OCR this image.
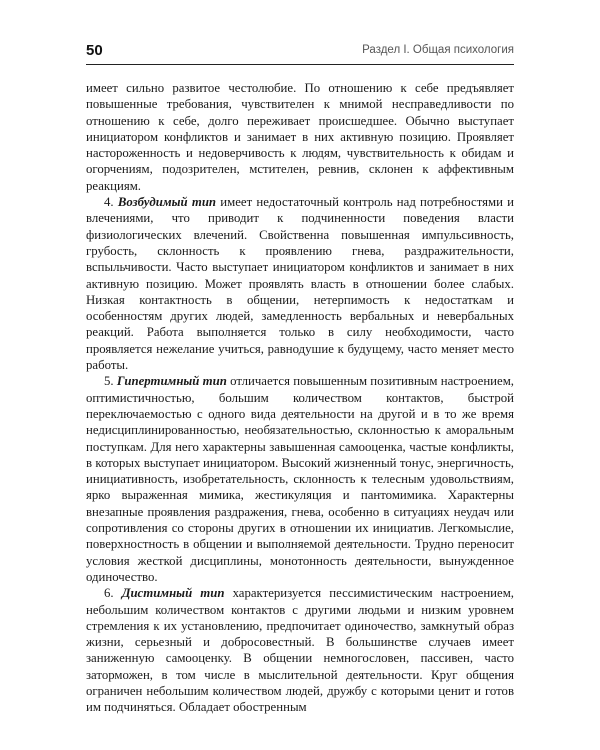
50	Раздел I. Общая психология

имеет сильно развитое честолюбие. По отношению к себе предъявляет повышенные требования, чувствителен к мнимой несправедливости по отношению к себе, долго переживает происшедшее. Обычно выступает инициатором конфликтов и занимает в них активную позицию. Проявляет настороженность и недоверчивость к людям, чувствительность к обидам и огорчениям, подозрителен, мстителен, ревнив, склонен к аффективным реакциям.

4. Возбудимый тип имеет недостаточный контроль над потребностями и влечениями, что приводит к подчиненности поведения власти физиологических влечений. Свойственна повышенная импульсивность, грубость, склонность к проявлению гнева, раздражительности, вспыльчивости. Часто выступает инициатором конфликтов и занимает в них активную позицию. Может проявлять власть в отношении более слабых. Низкая контактность в общении, нетерпимость к недостаткам и особенностям других людей, замедленность вербальных и невербальных реакций. Работа выполняется только в силу необходимости, часто проявляется нежелание учиться, равнодушие к будущему, часто меняет место работы.

5. Гипертимный тип отличается повышенным позитивным настроением, оптимистичностью, большим количеством контактов, быстрой переключаемостью с одного вида деятельности на другой и в то же время недисциплинированностью, необязательностью, склонностью к аморальным поступкам. Для него характерны завышенная самооценка, частые конфликты, в которых выступает инициатором. Высокий жизненный тонус, энергичность, инициативность, изобретательность, склонность к телесным удовольствиям, ярко выраженная мимика, жестикуляция и пантомимика. Характерны внезапные проявления раздражения, гнева, особенно в ситуациях неудач или сопротивления со стороны других в отношении их инициатив. Легкомыслие, поверхностность в общении и выполняемой деятельности. Трудно переносит условия жесткой дисциплины, монотонность деятельности, вынужденное одиночество.

6. Дистимный тип характеризуется пессимистическим настроением, небольшим количеством контактов с другими людьми и низким уровнем стремления к их установлению, предпочитает одиночество, замкнутый образ жизни, серьезный и добросовестный. В большинстве случаев имеет заниженную самооценку. В общении немногословен, пассивен, часто заторможен, в том числе в мыслительной деятельности. Круг общения ограничен небольшим количеством людей, дружбу с которыми ценит и готов им подчиняться. Обладает обостренным
